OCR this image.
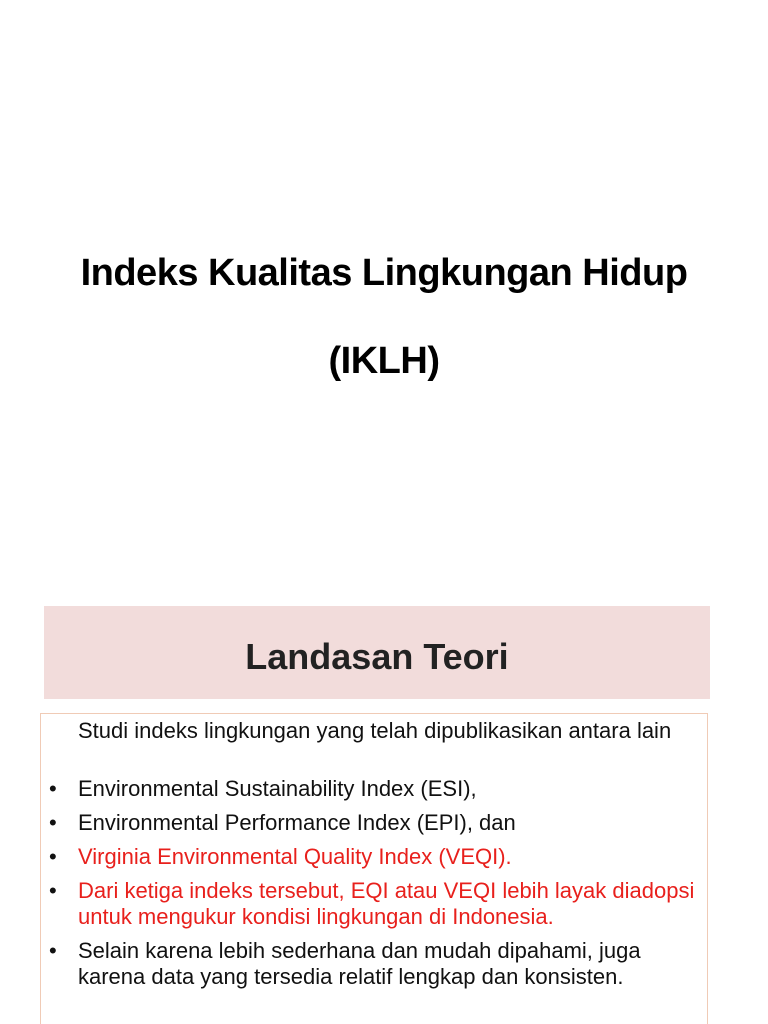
Indeks Kualitas Lingkungan Hidup
(IKLH)
Landasan Teori

Studi indeks lingkungan yang telah dipublikasikan antara lain

• Environmental Sustainability Index (ESI),
• Environmental Performance Index (EPI), dan
• Virginia Environmental Quality Index (VEQI).
• Dari ketiga indeks tersebut, EQI atau VEQI lebih layak diadopsi untuk mengukur kondisi lingkungan di Indonesia.
• Selain karena lebih sederhana dan mudah dipahami, juga karena data yang tersedia relatif lengkap dan konsisten.
